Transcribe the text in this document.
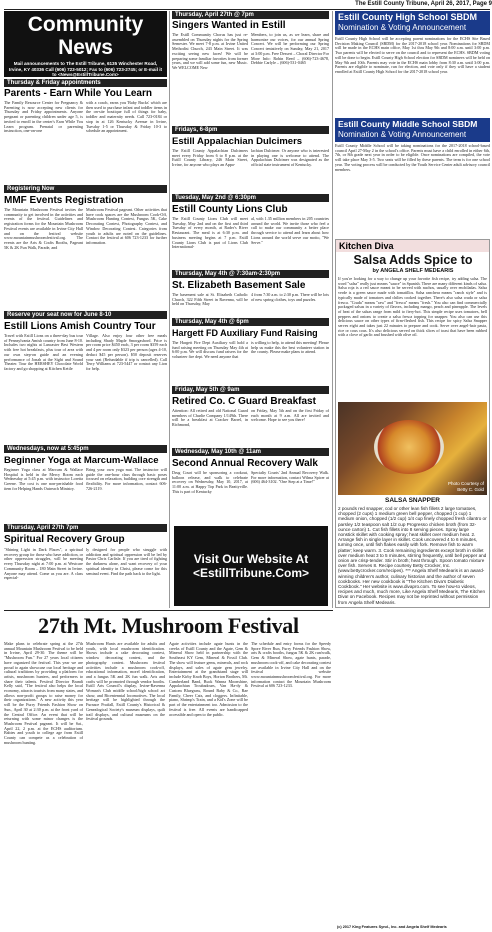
The Estill County Tribune, April 26, 2017, Page 9
Community News
Mail announcements to The Estill Tribune, 6135 Winchester Road, Irvine, KY 40336 Call (606) 723-5012; Fax to (606) 723-2745; or E-mail it to <News@EstillTribune.Com>
Thursday & Friday appointments
Parents - Earn While You Learn
The Family Resource Center for Pregnancy & Parenting is now accepting new clients for Thursday and Friday appointments. Anyone pregnant or parenting children under age 5, is invited to enroll in the center's Earn While You Learn program. Prenatal or parenting instruction, one-on-one
with a coach, earns you 'Baby Bucks' which are then used to purchase infant and toddler items in the on-site boutique full of things for baby, toddler and maternity needs. Call 723-0184 or stop in at 126 Kentucky Avenue in Irvine, Tuesday 1-5 or Thursday & Friday 10-3 to schedule an appointment.
Registering Now
MMF Events Registration
The Mountain Mushroom Festival invites the community to get involved in the activities and events of the festival. Guidelines and registration forms for the Mountain Mushroom Festival events are available in Irvine City Hall and on the festival website www.mountainmushroomfestival.org. The events are the Arts & Crafts Booths, Pageant 5K & 2K Fun Walk, Parade, and
Mushroom Festival pageant. Other activities that have cook spaces are the Mushroom Cook-Off, Mushroom Hunting Contest, Fungus 5K, Cake Decorating Contest, Photography Contest, and Window Decorating Contest. Categories from youth to adults are noted on the guidelines. Contact the festival at 606 723-1233 for further information.
Reserve your seat now for June 8-10
Estill Lions Amish Country Tour
Travel with Estill Lions on a three-day bus tour of Pennsylvania Amish country from June 8-10. Includes two nights at Lancaster Best Western with free hot breakfasts, plus tour of area with our own step-on guide and an evening performance of Jonah at the Sight and Sound Theater. Tour the HERSHEY Chocolate World factory and go shopping at Kitchen Kettle
Village. Also enjoy four other free meals including Shady Maple Smorgasbord. Price is per room price $450 each, 3 per room $359 each and 4 per room only $323 per person (ages 4-10, deduct $45 per person). $50 deposit reserves your seat (Refundable if trip is cancelled). Call Terry Williams at 723-5447 or contact any Lion for help.
Wednesdays, now at 5:45pm
Beginner Yoga at Marcum-Wallace
Beginner Yoga class at Marcum & Wallace Hospital is held in the Mercy Room each Wednesday at 5:45 p.m. with instructor Loretta Greene. The cost is one non-perishable food item for Helping Hands Outreach Ministry.
Bring your own yoga mat. The instructor will guide the one-hour class through basic poses focused on relaxation, building core strength and flexibility. For more information, contact 606-726-2119.
Thursday, April 27th 7pm
Spiritual Recovery Group
"Shining Light in Dark Places", a spiritual recovery group for those who have addiction, or other oppression struggles, will be meeting every Thursday night at 7:00 p.m. at Westcare Community Room – 180 Main Street in Irvine. Anyone may attend. Come as you are. A class especial-
ly designed for people who struggle with addiction and spiritual oppression will be led by Pastor Chris Carlisle. If you are tired of fighting the darkness alone, and want recovery of your spiritual identity in Christ, please come for this seminal event. Find the path back to the light.
Thursday, April 27th @ 7pm
Singers Wanted in Estill
The Estill Community Chorus has just re-assembled on Thursday nights for the Spring Semester. We meet 7-8 p.m. at Irvine United Methodist Church, 243 Main Street. It was exciting seeing new faces! We will be preparing some familiar favorites from former years, and we will add some fun, new Music. We WELCOME New
Members, to join us, as we learn, share and harmonize our voices, for our annual Spring Concert. We will be performing our Spring Concert tentatively on Sunday, May 21, 2017 at 3:00 p.m. Free Dessert – Choral Director For More Info: Robin Reed – (606)-723-4678, Debbie Carlyle – (606)-531-0465
Fridays, 6-8pm
Estill Appalachian Dulcimers
The Estill County Appalachian Dulcimers meet every Friday from 6 to 8 p.m. at the Estill County Library, 246 Main Street, Irvine, for anyone who plays an Appa-
lachian Dulcimer. Or anyone who is interested in playing one is welcome to attend. The Appalachian Dulcimer was designated as the official state instrument of Kentucky.
Tuesday, May 2nd @ 6:30pm
Estill County Lions Club
The Estill County Lions Club will meet Tuesday, May 2nd and on the first and third Tuesday of every month, at Rader's River Restaurant. The meal is at 6:30 p.m. and business meeting begins at 7 p.m. Estill County Lions Club is part of Lions Club International-
al, with 1.35 million members in 205 countries around the world. We invite those who feel a call to make our community a better place through service to attend and learn about how Lions around the world serve our motto, "We Serve."
Thursday, May 4th @ 7:30am-2:30pm
St. Elizabeth Basement Sale
The basement sale at St. Elizabeth Catholic Church, 322 Fifth Street in Ravenna, will be held on Thursday, May
4 from 7:30 a.m. to 2:30 p.m. There will be lots of new spring clothes, toys and puzzles.
Thursday, May 4th @ 6pm
Hargett FD Auxiliary Fund Raising
The Hargett Fire Dept Auxiliary will hold a fund raising meeting on Thursday May 4th at 6:00 p.m. We will discuss fund raisers for the volunteer fire dept. We need anyone that
is willing to help, to attend this meeting! Please help us make this the best volunteer station in the county. Please make plans to attend.
Friday, May 5th @ 9am
Retired Co. C Guard Breakfast
Attention: All retired and old National Guard members of Charlie Company 1/149th. There will be a breakfast at Cracker Barrel, in Richmond,
on Friday, May 5th and on the first Friday of each month at 9 a.m. All are invited and welcome. Hope to see you there!
Wednesday, May 10th @ 11am
Second Annual Recovery Walk
Drug Court will be sponsoring a cookout, balloon release, and walk to celebrate recovery on Wednesday, May 10, 2017, at 11:00 a.m. at Happy Top Park in Beattyville. This is part of Kentucky
Specialty Courts' 2nd Annual Recovery Walk. For more information, contact Wilma Spicer at (606) 464-3102. "One Step at a Time!"
Visit Our Website At
<EstillTribune.Com>
Estill County High School SBDM
Nomination & Voting Announcement
Estill County High School will be accepting parent nominations for the ECHS Site Based Decision Making Council (SBDM) for the 2017-2018 school year. Nominations for SBDM will be made in the ECHS main office, May 1st thru May 9th and 8:00 a.m. until 3:00 p.m. Two parents will be elected to serve on the council and to represent the ECHS. SBDM voting will be done to begin. Estill County High School election for SBDM nominees will be held on May 9th and 10th. Parents may vote in the ECHS main lobby from 8:30 a.m. until 3:00 p.m. Parents are eligible to nominate, run for election, and vote only if they will have a student enrolled at Estill County High School for the 2017-2018 school year.
Estill County Middle School SBDM
Nomination & Voting Announcement
Estill County Middle School will be taking nominations for the 2017-2018 school-based council April 27-May 2 in the school's office. Parents must have a child enrolled in either 6th, 7th, or 8th grade next year in order to be eligible. Once nominations are compiled, the vote will take place May 3-5. Two seats will be filled by these parents. The term is for one school year. The voting process will be conducted by the Youth Service Center adult advisory council members.
Kitchen Diva
Salsa Adds Spice to
by ANGELA SHELF MEDEARIS
If you're looking for a way to change up your favorite fish recipe, try adding salsa. The word "salsa" really just means "sauce" in Spanish. There are many different kinds of salsa. Salsa roja is a red sauce meant to be served with nachos, usually over enchiladas. Salsa verde is a green sauce made with tomatillos. Salsa ranchera means "ranch style" and is typically made of tomatoes and chilies cooked together. There's also salsa cruda or salsa fresca. "Cruda" means "raw" and "fresca" means "fresh." You also can find commercially packaged salsas in a variety of flavors, including mango, peach and pineapple. The levels of heat of the salsas range from mild to fiery-hot. This simple recipe uses tomatoes, bell peppers and onions to create a salsa fresca topping for snapper. You also can use this delicious sauce on other types of firm-fleshed fish. This recipe for spicy Salsa Snapper serves eight and takes just 22 minutes to prepare and cook. Serve over angel-hair pasta, rice or cous cous. It's also delicious served on thick slices of toast that have been rubbed with a clove of garlic and brushed with olive oil.
Photo Courtesy of Betty C. Gold
SALSA SNAPPER
2 pounds red snapper, cod or other lean fish fillets 2 large tomatoes, chopped (2 cups) 1 medium green bell pepper, chopped (1 cup) 1 medium onion, chopped (1/2 cup) 1/4 cup finely chopped fresh cilantro or parsley 1/2 teaspoon salt 1/2 cup Progresso chicken broth (from 32-ounce carton) 1. Cut fish fillets into 8 serving pieces. Spray large nonstick skillet with cooking spray; heat skillet over medium heat. 2. Arrange fish in single layer in skillet. Cook uncovered 4 to 6 minutes, turning once, until fish flakes easily with fork. Remove fish to warm platter; keep warm. 3. Cook remaining ingredients except broth in skillet over medium heat 3 to 5 minutes, stirring frequently, until bell pepper and onion are crisp-tender. Stir in broth; heat through. Spoon tomato mixture over fish. Serves 8. Recipe courtesy Betty Crocker, Inc. (www.bettycrocker.com/recipes). *** Angela Shelf Medearis is an award-winning children's author, culinary historian and the author of seven cookbooks. Her new cookbook is "The Kitchen Diva's Diabetic Cookbook." Her website is www.divapro.com. To see how-to videos, recipes and much, much more, Like Angela Shelf Medearis, The Kitchen Diva! on Facebook. Recipes may not be reprinted without permission from Angela Shelf Medearis.
27th Mt. Mushroom Festival
Make plans to celebrate spring at the 27th annual Mountain Mushroom Festival to be held in Irvine, April 29-30. The theme will be "Mushroom Fun." For 27 years local citizens have organized the festival. This year we are proud to again showcase our local heritage and cultural traditions by providing a platform for artists, mushroom hunters, and performers to share their talents. Festival Director Brandi Kelly said, "The festival also helps the local economy, attracts tourists from many states, and allows non-profit groups to raise money for their organizations." A new activity this year will be the Furry Friends Fashion Show on Sun., April 30 at 2:30 p.m. at the front yard of the Central Office. An event that will be returning with some minor changes is the Mushroom Festival pageant. It will be Sat., April 22, 2 p.m. at the ECHS auditorium. Babies and youth to college age from Estill County can compete as a celebration of mushroom hunting.
Mushroom Hunts are available for adults and youth, with local mushroom identification. Shows include a cake decorating contest, window decorating contest, and the photography contest. Mushroom festival activities include a mushroom cook-off, educational information, morel identification, and a fungus 5K and 2K fun walk. Arts and crafts will be promoted through vendor booths. Estill Arts Council's display, Irvine-Ravenna Woman's Club middle school/high school art show, and Bicentennial locomotives. The local heritage will be highlighted through the Furnace Pratfall, Estill County's Historical & Genealogical Society's museum displays, quilt trail displays, and cultural museums on the festival grounds.
Agate activities include agate hunts in the creeks of Estill County and the Agate, Gem & Mineral Show held in partnership with the Southeast KY Gem, Mineral & Fossil Club. The show will feature gems, minerals, and rock displays, and sales of agate gem jewelry. Entertainment at the grandstand stage will include Kirby Knob Boys, Horton Brothers, Mt. Cumberland Band, Buck Wanna Moonshine, Appalachian Troubadours, Van Ha-dy & Custom Bluegrass, Round Baby & Co., Rae Family, Cheer Cats, and cloggers. Infinitable, piano, Shrimp's Train, and a Kid's Zone will be part of the entertainment too. Admission to the festival is free. All events are handicapped accessible and open to the public.
The schedule and entry forms for the Speedy Spore River Run, Furry Friends Fashion Show, arts & crafts booths, fungus 5K & 2K run/walk, Gem & Mineral Show, agate hunts, parade, mushroom cook-off, and cake decorating contest are available in Irvine City Hall and on the festival website www.mountainmushroomfestival.org. For more information contact the Mountain Mushroom Festival at 606 723-1233.
(c) 2017 King Features Synd., Inc. and Angela Shelf Medearis
